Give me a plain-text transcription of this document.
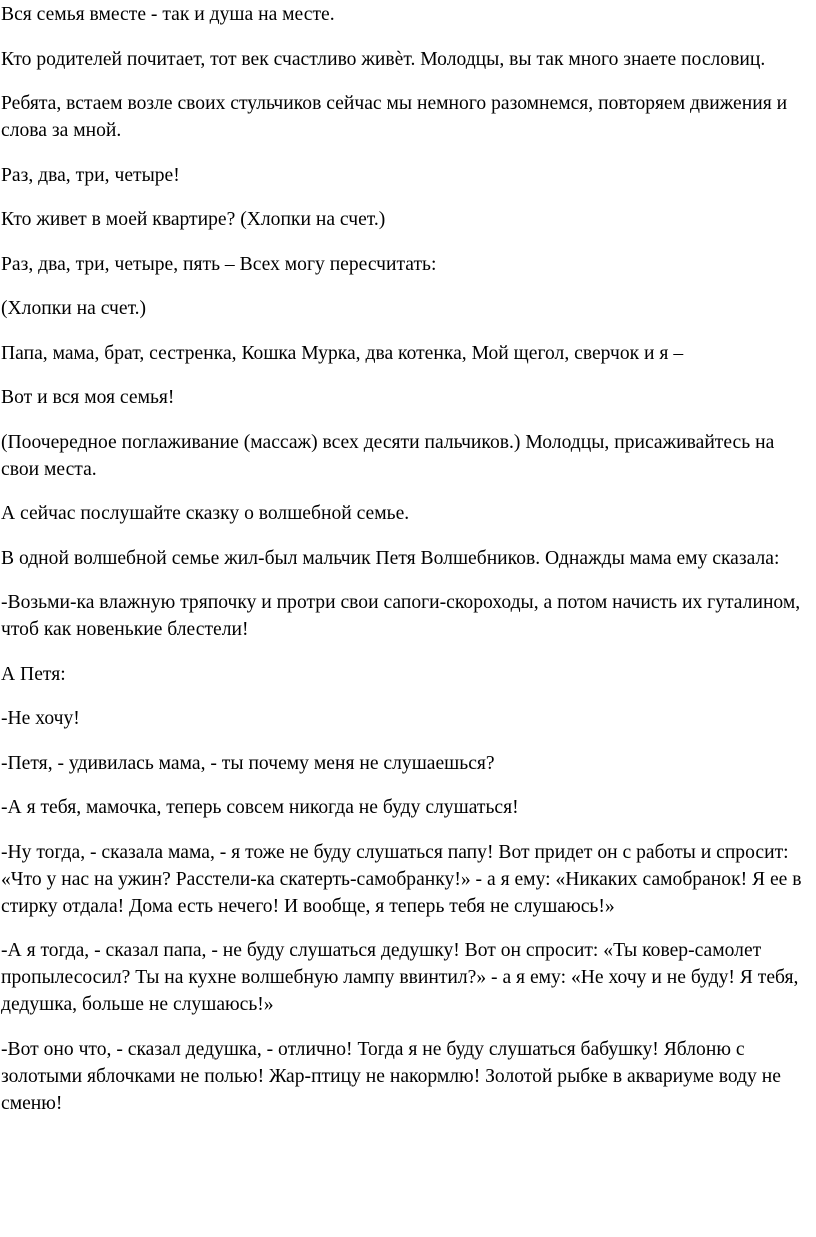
Вся семья вместе - так и душа на месте.

Кто родителей почитает, тот век счастливо живѐт. Молодцы, вы так много знаете пословиц.

Ребята, встаем возле своих стульчиков сейчас мы немного разомнемся, повторяем движения и слова за мной.

Раз, два, три, четыре!

Кто живет в моей квартире? (Хлопки на счет.)

Раз, два, три, четыре, пять – Всех могу пересчитать:

(Хлопки на счет.)

Папа, мама, брат, сестренка, Кошка Мурка, два котенка, Мой щегол, сверчок и я –

Вот и вся моя семья!

(Поочередное поглаживание (массаж) всех десяти пальчиков.) Молодцы, присаживайтесь на свои места.

А сейчас послушайте сказку о волшебной семье.

В одной волшебной семье жил-был мальчик Петя Волшебников. Однажды мама ему сказала:

-Возьми-ка влажную тряпочку и протри свои сапоги-скороходы, а потом начисть их гуталином, чтоб как новенькие блестели!

А Петя:

-Не хочу!

-Петя, - удивилась мама, - ты почему меня не слушаешься?

-А я тебя, мамочка, теперь совсем никогда не буду слушаться!

-Ну тогда, - сказала мама, - я тоже не буду слушаться папу! Вот придет он с работы и спросит: «Что у нас на ужин? Расстели-ка скатерть-самобранку!» - а я ему: «Никаких самобранок! Я ее в стирку отдала! Дома есть нечего! И вообще, я теперь тебя не слушаюсь!»

-А я тогда, - сказал папа, - не буду слушаться дедушку! Вот он спросит: «Ты ковер-самолет пропылесосил? Ты на кухне волшебную лампу ввинтил?» - а я ему: «Не хочу и не буду! Я тебя, дедушка, больше не слушаюсь!»

-Вот оно что, - сказал дедушка, - отлично! Тогда я не буду слушаться бабушку! Яблоню с золотыми яблочками не полью! Жар-птицу не накормлю! Золотой рыбке в аквариуме воду не сменю!
